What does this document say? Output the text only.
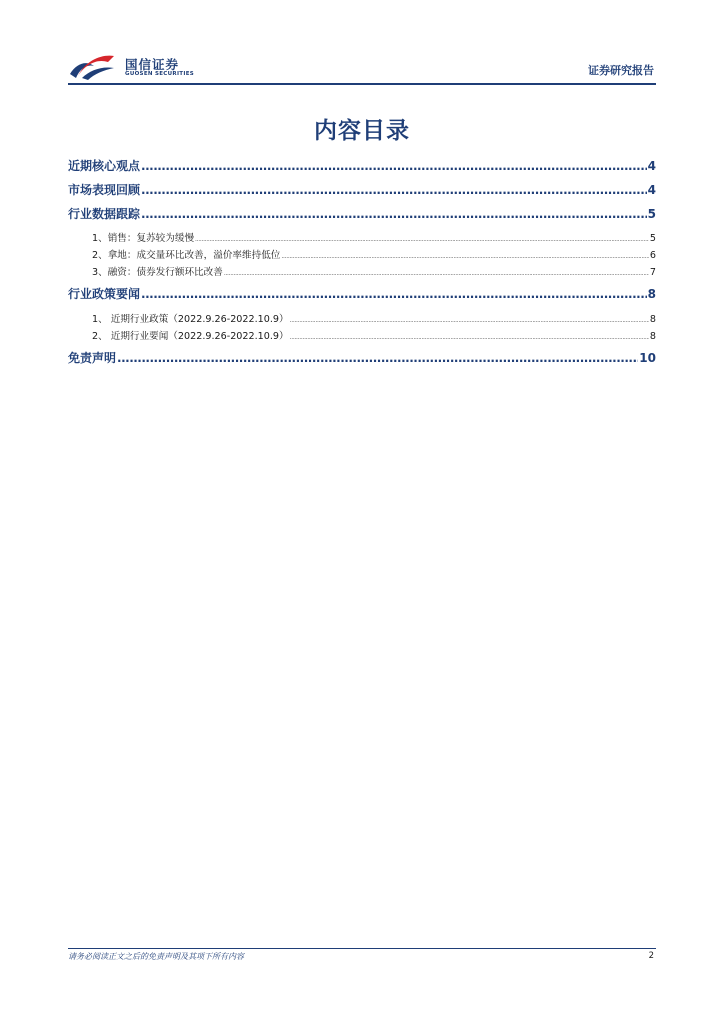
国信证券
GUOSEN SECURITIES	证券研究报告
内容目录
近期核心观点 .....	4
市场表现回顾 .....	4
行业数据跟踪 .....	5
1、销售：复苏较为缓慢 .....	5
2、拿地：成交量环比改善，溢价率维持低位 .....	6
3、融资：债券发行额环比改善 .....	7
行业政策要闻 .....	8
1、 近期行业政策（2022.9.26-2022.10.9） .....	8
2、 近期行业要闻（2022.9.26-2022.10.9） .....	8
免责声明 .....	10
请务必阅读正文之后的免责声明及其项下所有内容	2
